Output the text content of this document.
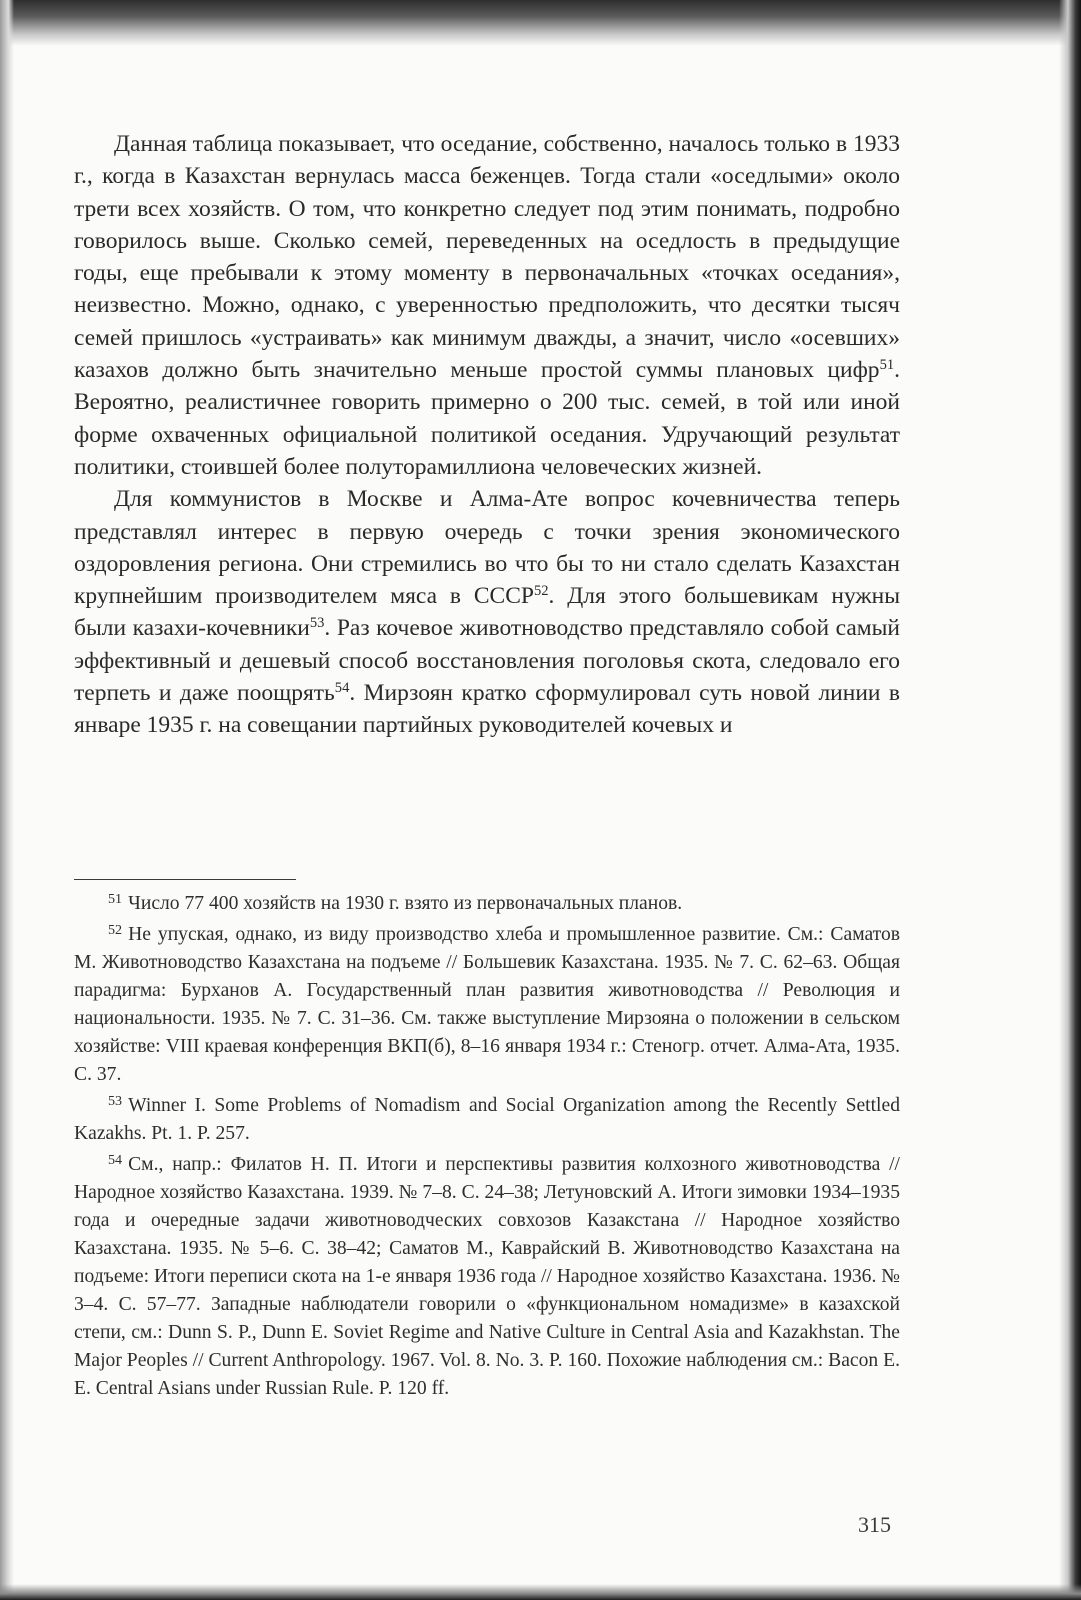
Данная таблица показывает, что оседание, собственно, началось только в 1933 г., когда в Казахстан вернулась масса беженцев. Тогда стали «оседлыми» около трети всех хозяйств. О том, что конкретно следует под этим понимать, подробно говорилось выше. Сколько семей, переведенных на оседлость в предыдущие годы, еще пребывали к этому моменту в первоначальных «точках оседания», неизвестно. Можно, однако, с уверенностью предположить, что десятки тысяч семей пришлось «устраивать» как минимум дважды, а значит, число «осевших» казахов должно быть значительно меньше простой суммы плановых цифр$^{51}$. Вероятно, реалистичнее говорить примерно о 200 тыс. семей, в той или иной форме охваченных официальной политикой оседания. Удручающий результат политики, стоившей более полуторамиллиона человеческих жизней.

Для коммунистов в Москве и Алма-Ате вопрос кочевничества теперь представлял интерес в первую очередь с точки зрения экономического оздоровления региона. Они стремились во что бы то ни стало сделать Казахстан крупнейшим производителем мяса в СССР$^{52}$. Для этого большевикам нужны были казахи-кочевники$^{53}$. Раз кочевое животноводство представляло собой самый эффективный и дешевый способ восстановления поголовья скота, следовало его терпеть и даже поощрять$^{54}$. Мирзоян кратко сформулировал суть новой линии в январе 1935 г. на совещании партийных руководителей кочевых и

$^{51}$ Число 77 400 хозяйств на 1930 г. взято из первоначальных планов.

$^{52}$ Не упуская, однако, из виду производство хлеба и промышленное развитие. См.: Саматов М. Животноводство Казахстана на подъеме // Большевик Казахстана. 1935. № 7. С. 62–63. Общая парадигма: Бурханов А. Государственный план развития животноводства // Революция и национальности. 1935. № 7. С. 31–36. См. также выступление Мирзояна о положении в сельском хозяйстве: VIII краевая конференция ВКП(б), 8–16 января 1934 г.: Стеногр. отчет. Алма-Ата, 1935. С. 37.

$^{53}$ Winner I. Some Problems of Nomadism and Social Organization among the Recently Settled Kazakhs. Pt. 1. P. 257.

$^{54}$ См., напр.: Филатов Н. П. Итоги и перспективы развития колхозного животноводства // Народное хозяйство Казахстана. 1939. № 7–8. С. 24–38; Летуновский А. Итоги зимовки 1934–1935 года и очередные задачи животноводческих совхозов Казакстана // Народное хозяйство Казахстана. 1935. № 5–6. С. 38–42; Саматов М., Каврайский В. Животноводство Казахстана на подъеме: Итоги переписи скота на 1-е января 1936 года // Народное хозяйство Казахстана. 1936. № 3–4. С. 57–77. Западные наблюдатели говорили о «функциональном номадизме» в казахской степи, см.: Dunn S. P., Dunn E. Soviet Regime and Native Culture in Central Asia and Kazakhstan. The Major Peoples // Current Anthropology. 1967. Vol. 8. No. 3. P. 160. Похожие наблюдения см.: Bacon E. E. Central Asians under Russian Rule. P. 120 ff.

315
